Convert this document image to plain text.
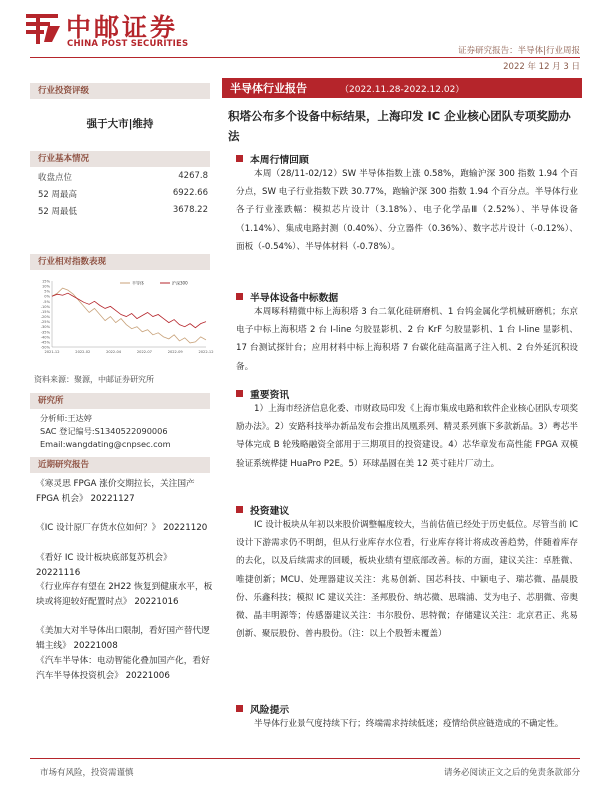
中邮证券
CHINA POST SECURITIES
证券研究报告：半导体|行业周报
2022 年 12 月 3 日
行业投资评级
强于大市|维持
行业基本情况
收盘点位	4267.8
52 周最高	6922.66
52 周最低	3678.22
行业相对指数表现
15%
10%
5%
0%
-5%
-10%
-15%
-20%
-25%
-30%
-35%
-40%
-45%
-50%
2021-12	2022-02	2022-04	2022-07	2022-09	2022-12
半导体	沪深300
资料来源：聚源，中邮证券研究所
研究所
分析师:王达婷
SAC 登记编号:S1340522090006
Email:wangdating@cnpsec.com
近期研究报告
《寒灵思 FPGA 涨价交期拉长，关注国产 FPGA 机会》 20221127
《IC 设计原厂存货水位如何？》 20221120
《看好 IC 设计板块底部复苏机会》 20221116
《行业库存有望在 2H22 恢复到健康水平，板块或将迎较好配置时点》 20221016
《美加大对半导体出口限制，看好国产替代逻辑主线》 20221008
《汽车半导体：电动智能化叠加国产化，看好汽车半导体投资机会》 20221006
半导体行业报告	（2022.11.28-2022.12.02）
积塔公布多个设备中标结果，上海印发 IC 企业核心团队专项奖励办法
本周行情回顾
本周（28/11-02/12）SW 半导体指数上涨 0.58%，跑输沪深 300 指数 1.94 个百分点，SW 电子行业指数下跌 30.77%，跑输沪深 300 指数 1.94 个百分点。半导体行业各子行业涨跌幅：模拟芯片设计（3.18%）、电子化学品Ⅲ（2.52%）、半导体设备（1.14%）、集成电路封测（0.40%）、分立器件（0.36%）、数字芯片设计（-0.12%）、面板（-0.54%）、半导体材料（-0.78%）。
半导体设备中标数据
本周啄科精微中标上海积塔 3 台二氧化硅研磨机、1 台钨金属化学机械研磨机；东京电子中标上海积塔 2 台 I-line 匀胶显影机、2 台 KrF 匀胶显影机、1 台 I-line 显影机、17 台测试探针台；应用材料中标上海积塔 7 台碳化硅高温离子注入机、2 台外延沉积设备。
重要资讯
1）上海市经济信息化委、市财政局印发《上海市集成电路和软件企业核心团队专项奖励办法》。2）安路科技举办新品发布会推出凤凰系列、精灵系列旗下多款新品。3）粤芯半导体完成 B 轮残略融资全部用于三期项目的投资建设。4）芯华章发布高性能 FPGA 双模验证系统桦捷 HuaPro P2E。5）环球晶圆在美 12 英寸硅片厂动土。
投资建议
IC 设计板块从年初以来股价调整幅度较大，当前估值已经处于历史低位。尽管当前 IC 设计下游需求仍不明朗，但从行业库存水位看，行业库存将计将成改善趋势，伴随着库存的去化，以及后续需求的回暖，板块业绩有望底部改善。标的方面，建议关注：卓胜微、唯捷创新；MCU、处理器建议关注：兆易创新、国芯科技、中颖电子、瑞芯微、晶晨股份、乐鑫科技；模拟 IC 建议关注：圣邦股份、纳芯微、思瑞浦、艾为电子、芯朋微、帝奥微、晶丰明源等；传感器建议关注：韦尔股份、思特微；存储建议关注：北京君正、兆易创新、聚辰股份、普冉股份。（注：以上个股暂未覆盖）
风险提示
半导体行业景气度持续下行；终端需求持续低迷；疫情给供应链造成的不确定性。
市场有风险，投资需谨慎	请务必阅读正文之后的免责条款部分
